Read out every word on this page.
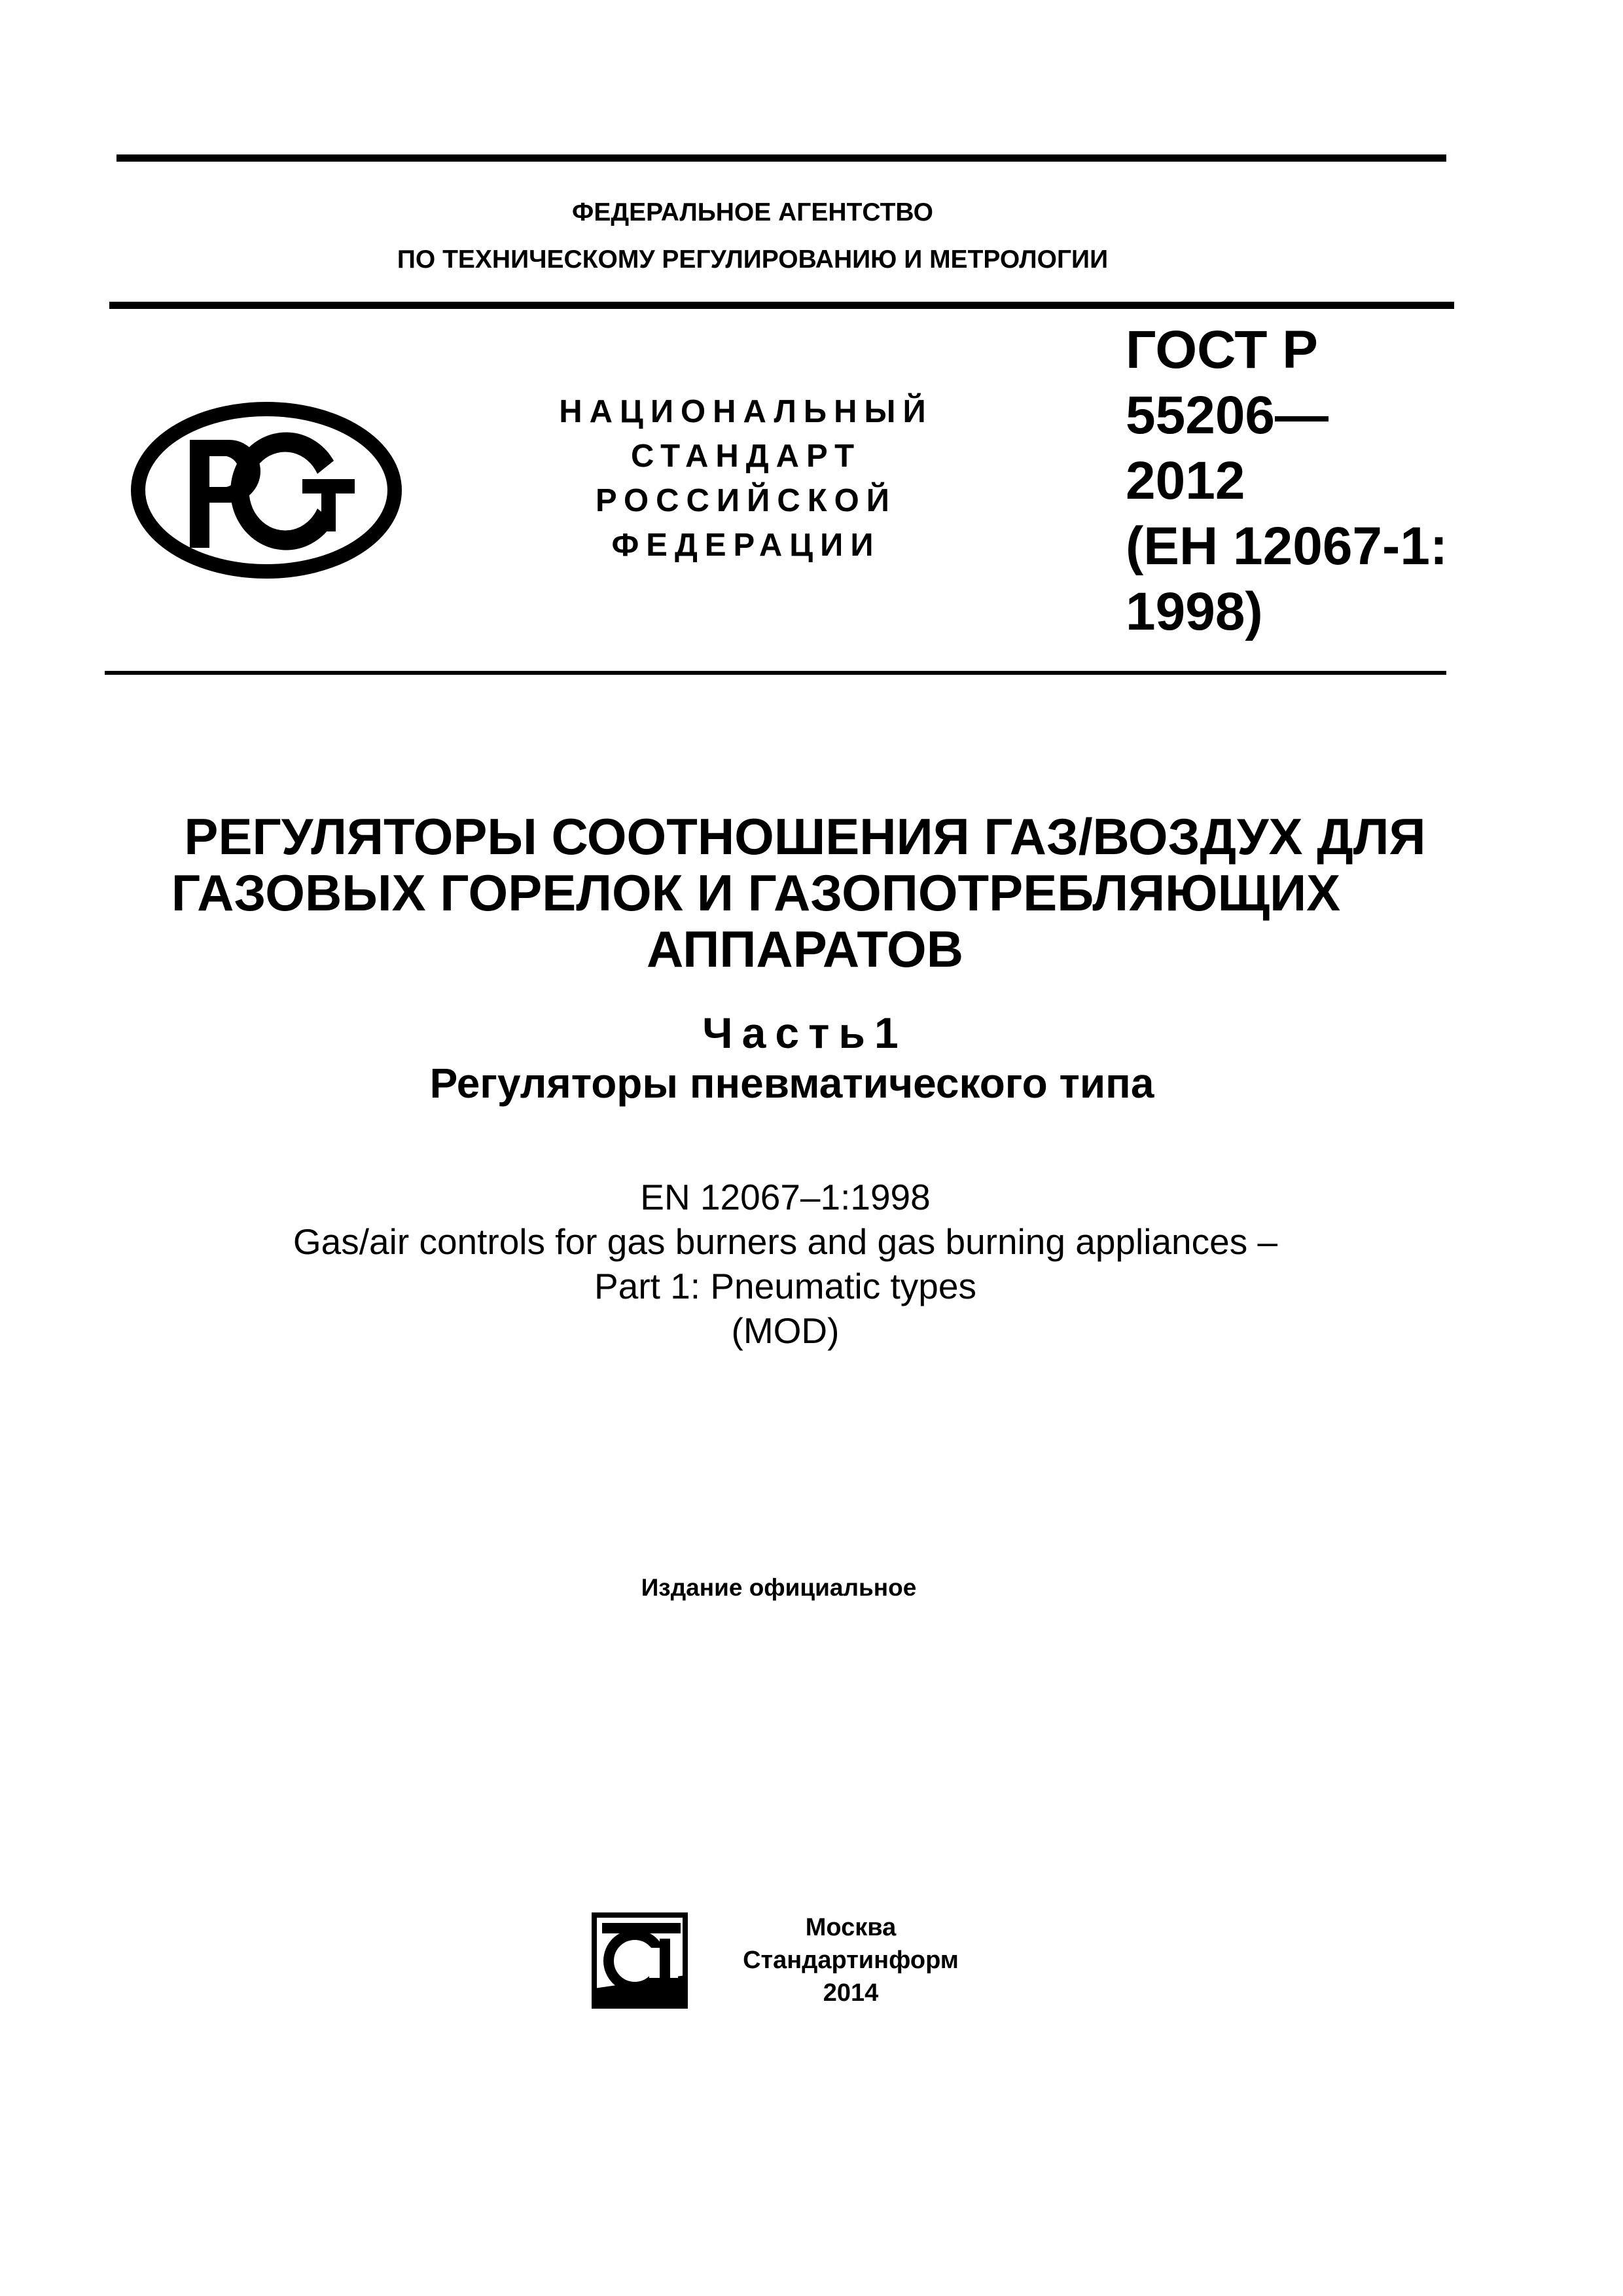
ФЕДЕРАЛЬНОЕ АГЕНТСТВО
ПО ТЕХНИЧЕСКОМУ РЕГУЛИРОВАНИЮ И МЕТРОЛОГИИ
НАЦИОНАЛЬНЫЙ
СТАНДАРТ
РОССИЙСКОЙ
ФЕДЕРАЦИИ
ГОСТ Р
55206—
2012
(ЕН 12067-1:
1998)
РЕГУЛЯТОРЫ СООТНОШЕНИЯ ГАЗ/ВОЗДУХ ДЛЯ
ГАЗОВЫХ ГОРЕЛОК И ГАЗОПОТРЕБЛЯЮЩИХ
АППАРАТОВ
Часть1
Регуляторы пневматического типа
EN 12067–1:1998
Gas/air controls for gas burners and gas burning appliances –
Part 1: Pneumatic types
(MOD)
Издание официальное
Москва
Стандартинформ
2014
